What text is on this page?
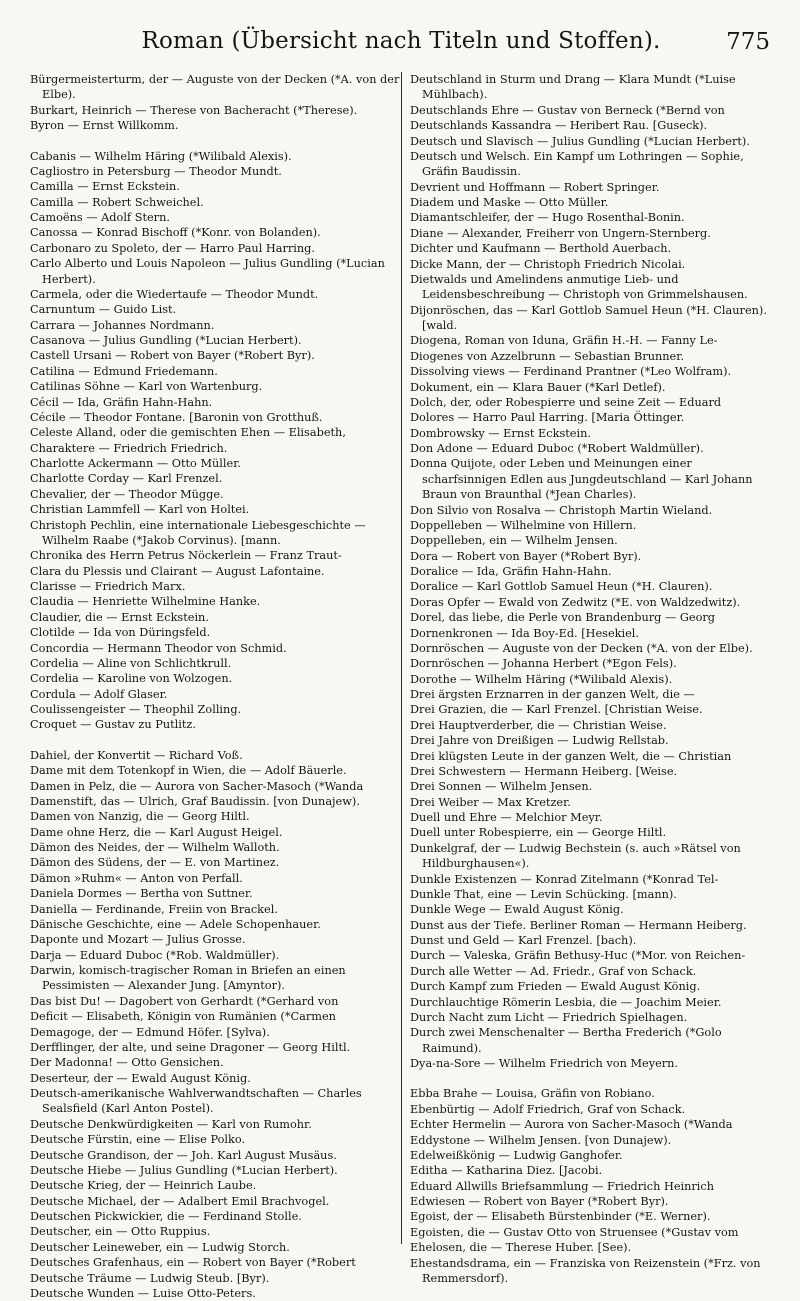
Roman (Übersicht nach Titeln und Stoffen).	775

Bürgermeisterturm, der — Auguste von der Decken (*A. von der Elbe).

Burkart, Heinrich — Therese von Bacheracht (*Therese).

Byron — Ernst Willkomm.

Cabanis — Wilhelm Häring (*Wilibald Alexis).

Cagliostro in Petersburg — Theodor Mundt.

Camilla — Ernst Eckstein.

Camilla — Robert Schweichel.

Camoëns — Adolf Stern.

Canossa — Konrad Bischoff (*Konr. von Bolanden).

Carbonaro zu Spoleto, der — Harro Paul Harring.

Carlo Alberto und Louis Napoleon — Julius Gundling (*Lucian Herbert).

Carmela, oder die Wiedertaufe — Theodor Mundt.

Carnuntum — Guido List.

Carrara — Johannes Nordmann.

Casanova — Julius Gundling (*Lucian Herbert).

Castell Ursani — Robert von Bayer (*Robert Byr).

Catilina — Edmund Friedemann.

Catilinas Söhne — Karl von Wartenburg.

Cécil — Ida, Gräfin Hahn-Hahn.

Cécile — Theodor Fontane. [Baronin von Grotthuß.

Celeste Alland, oder die gemischten Ehen — Elisabeth,

Charaktere — Friedrich Friedrich.

Charlotte Ackermann — Otto Müller.

Charlotte Corday — Karl Frenzel.

Chevalier, der — Theodor Mügge.

Christian Lammfell — Karl von Holtei.

Christoph Pechlin, eine internationale Liebesgeschichte — Wilhelm Raabe (*Jakob Corvinus). [mann.

Chronika des Herrn Petrus Nöckerlein — Franz Traut-

Clara du Plessis und Clairant — August Lafontaine.

Clarisse — Friedrich Marx.

Claudia — Henriette Wilhelmine Hanke.

Claudier, die — Ernst Eckstein.

Clotilde — Ida von Düringsfeld.

Concordia — Hermann Theodor von Schmid.

Cordelia — Aline von Schlichtkrull.

Cordelia — Karoline von Wolzogen.

Cordula — Adolf Glaser.

Coulissengeister — Theophil Zolling.

Croquet — Gustav zu Putlitz.

Dahiel, der Konvertit — Richard Voß.

Dame mit dem Totenkopf in Wien, die — Adolf Bäuerle.

Damen in Pelz, die — Aurora von Sacher-Masoch (*Wanda

Damenstift, das — Ulrich, Graf Baudissin. [von Dunajew).

Damen von Nanzig, die — Georg Hiltl.

Dame ohne Herz, die — Karl August Heigel.

Dämon des Neides, der — Wilhelm Walloth.

Dämon des Südens, der — E. von Martinez.

Dämon »Ruhm« — Anton von Perfall.

Daniela Dormes — Bertha von Suttner.

Daniella — Ferdinande, Freiin von Brackel.

Dänische Geschichte, eine — Adele Schopenhauer.

Daponte und Mozart — Julius Grosse.

Darja — Eduard Duboc (*Rob. Waldmüller).

Darwin, komisch-tragischer Roman in Briefen an einen Pessimisten — Alexander Jung. [Amyntor).

Das bist Du! — Dagobert von Gerhardt (*Gerhard von

Deficit — Elisabeth, Königin von Rumänien (*Carmen

Demagoge, der — Edmund Höfer. [Sylva).

Derfflinger, der alte, und seine Dragoner — Georg Hiltl.

Der Madonna! — Otto Gensichen.

Deserteur, der — Ewald August König.

Deutsch-amerikanische Wahlverwandtschaften — Charles Sealsfield (Karl Anton Postel).

Deutsche Denkwürdigkeiten — Karl von Rumohr.

Deutsche Fürstin, eine — Elise Polko.

Deutsche Grandison, der — Joh. Karl August Musäus.

Deutsche Hiebe — Julius Gundling (*Lucian Herbert).

Deutsche Krieg, der — Heinrich Laube.

Deutsche Michael, der — Adalbert Emil Brachvogel.

Deutschen Pickwickier, die — Ferdinand Stolle.

Deutscher, ein — Otto Ruppius.

Deutscher Leineweber, ein — Ludwig Storch.

Deutsches Grafenhaus, ein — Robert von Bayer (*Robert

Deutsche Träume — Ludwig Steub. [Byr).

Deutsche Wunden — Luise Otto-Peters.

Deutschland in Sturm und Drang — Klara Mundt (*Luise Mühlbach).

Deutschlands Ehre — Gustav von Berneck (*Bernd von

Deutschlands Kassandra — Heribert Rau. [Guseck).

Deutsch und Slavisch — Julius Gundling (*Lucian Herbert).

Deutsch und Welsch. Ein Kampf um Lothringen — Sophie, Gräfin Baudissin.

Devrient und Hoffmann — Robert Springer.

Diadem und Maske — Otto Müller.

Diamantschleifer, der — Hugo Rosenthal-Bonin.

Diane — Alexander, Freiherr von Ungern-Sternberg.

Dichter und Kaufmann — Berthold Auerbach.

Dicke Mann, der — Christoph Friedrich Nicolai.

Dietwalds und Amelindens anmutige Lieb- und Leidensbeschreibung — Christoph von Grimmelshausen.

Dijonröschen, das — Karl Gottlob Samuel Heun (*H. Clauren). [wald.

Diogena, Roman von Iduna, Gräfin H.-H. — Fanny Le-

Diogenes von Azzelbrunn — Sebastian Brunner.

Dissolving views — Ferdinand Prantner (*Leo Wolfram).

Dokument, ein — Klara Bauer (*Karl Detlef).

Dolch, der, oder Robespierre und seine Zeit — Eduard

Dolores — Harro Paul Harring. [Maria Öttinger.

Dombrowsky — Ernst Eckstein.

Don Adone — Eduard Duboc (*Robert Waldmüller).

Donna Quijote, oder Leben und Meinungen einer scharfsinnigen Edlen aus Jungdeutschland — Karl Johann Braun von Braunthal (*Jean Charles).

Don Silvio von Rosalva — Christoph Martin Wieland.

Doppelleben — Wilhelmine von Hillern.

Doppelleben, ein — Wilhelm Jensen.

Dora — Robert von Bayer (*Robert Byr).

Doralice — Ida, Gräfin Hahn-Hahn.

Doralice — Karl Gottlob Samuel Heun (*H. Clauren).

Doras Opfer — Ewald von Zedwitz (*E. von Waldzedwitz).

Dorel, das liebe, die Perle von Brandenburg — Georg

Dornenkronen — Ida Boy-Ed. [Hesekiel.

Dornröschen — Auguste von der Decken (*A. von der Elbe).

Dornröschen — Johanna Herbert (*Egon Fels).

Dorothe — Wilhelm Häring (*Wilibald Alexis).

Drei ärgsten Erznarren in der ganzen Welt, die —

Drei Grazien, die — Karl Frenzel. [Christian Weise.

Drei Hauptverderber, die — Christian Weise.

Drei Jahre von Dreißigen — Ludwig Rellstab.

Drei klügsten Leute in der ganzen Welt, die — Christian

Drei Schwestern — Hermann Heiberg. [Weise.

Drei Sonnen — Wilhelm Jensen.

Drei Weiber — Max Kretzer.

Duell und Ehre — Melchior Meyr.

Duell unter Robespierre, ein — George Hiltl.

Dunkelgraf, der — Ludwig Bechstein (s. auch »Rätsel von Hildburghausen«).

Dunkle Existenzen — Konrad Zitelmann (*Konrad Tel-

Dunkle That, eine — Levin Schücking. [mann).

Dunkle Wege — Ewald August König.

Dunst aus der Tiefe. Berliner Roman — Hermann Heiberg.

Dunst und Geld — Karl Frenzel. [bach).

Durch — Valeska, Gräfin Bethusy-Huc (*Mor. von Reichen-

Durch alle Wetter — Ad. Friedr., Graf von Schack.

Durch Kampf zum Frieden — Ewald August König.

Durchlauchtige Römerin Lesbia, die — Joachim Meier.

Durch Nacht zum Licht — Friedrich Spielhagen.

Durch zwei Menschenalter — Bertha Frederich (*Golo Raimund).

Dya-na-Sore — Wilhelm Friedrich von Meyern.

Ebba Brahe — Louisa, Gräfin von Robiano.

Ebenbürtig — Adolf Friedrich, Graf von Schack.

Echter Hermelin — Aurora von Sacher-Masoch (*Wanda

Eddystone — Wilhelm Jensen. [von Dunajew).

Edelweißkönig — Ludwig Ganghofer.

Editha — Katharina Diez. [Jacobi.

Eduard Allwills Briefsammlung — Friedrich Heinrich

Edwiesen — Robert von Bayer (*Robert Byr).

Egoist, der — Elisabeth Bürstenbinder (*E. Werner).

Egoisten, die — Gustav Otto von Struensee (*Gustav vom

Ehelosen, die — Therese Huber. [See).

Ehestandsdrama, ein — Franziska von Reizenstein (*Frz. von Remmersdorf).
